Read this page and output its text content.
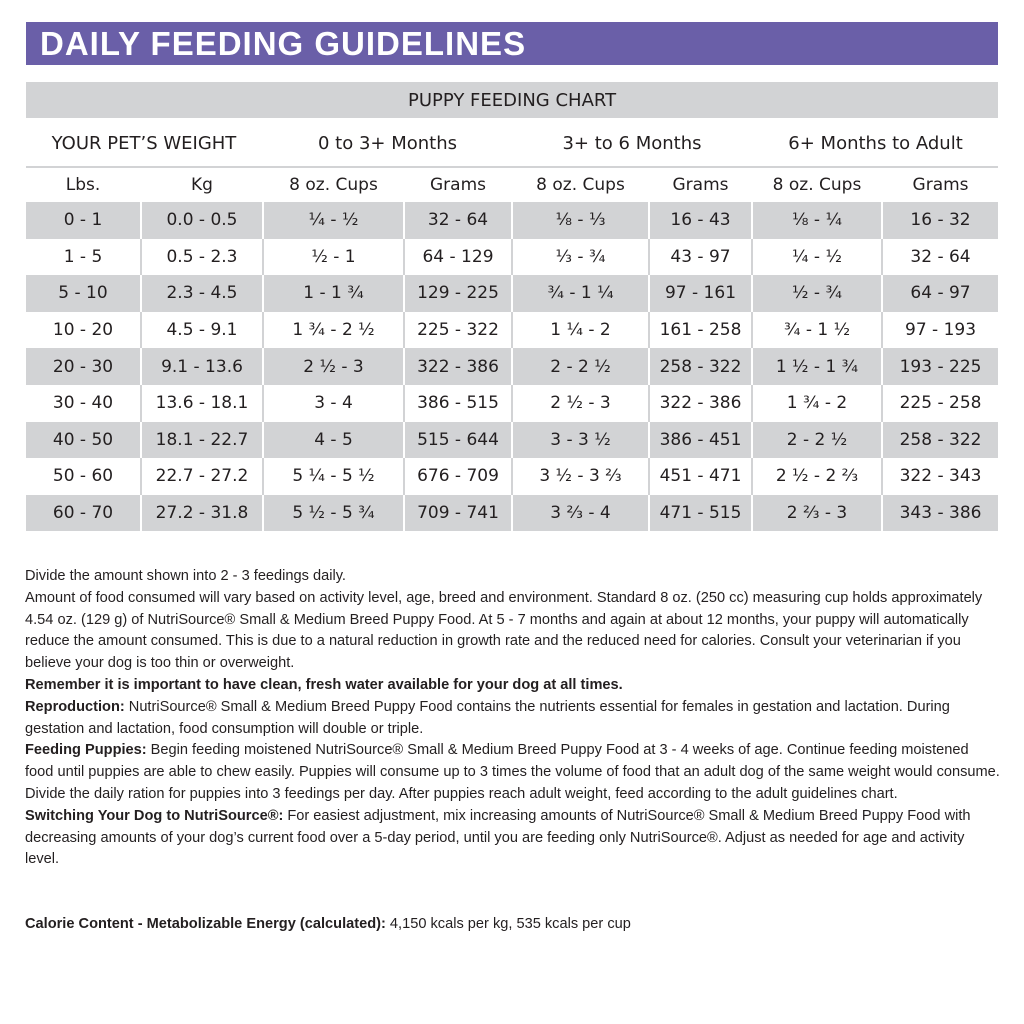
DAILY FEEDING GUIDELINES
PUPPY FEEDING CHART							
YOUR PET’S WEIGHT		0 to 3+ Months		3+ to 6 Months		6+ Months to Adult	
Lbs.	Kg	8 oz. Cups	Grams	8 oz. Cups	Grams	8 oz. Cups	Grams
0 - 1	0.0 - 0.5	¼ - ½	32 - 64	⅛ - ⅓	16 - 43	⅛ - ¼	16 - 32
1 - 5	0.5 - 2.3	½ - 1	64 - 129	⅓ - ¾	43 - 97	¼ - ½	32 - 64
5 - 10	2.3 - 4.5	1 - 1 ¾	129 - 225	¾ - 1 ¼	97 - 161	½ - ¾	64 - 97
10 - 20	4.5 - 9.1	1 ¾ - 2 ½	225 - 322	1 ¼ - 2	161 - 258	¾ - 1 ½	97 - 193
20 - 30	9.1 - 13.6	2 ½ - 3	322 - 386	2 - 2 ½	258 - 322	1 ½ - 1 ¾	193 - 225
30 - 40	13.6 - 18.1	3 - 4	386 - 515	2 ½ - 3	322 - 386	1 ¾ - 2	225 - 258
40 - 50	18.1 - 22.7	4 - 5	515 - 644	3 - 3 ½	386 - 451	2 - 2 ½	258 - 322
50 - 60	22.7 - 27.2	5 ¼ - 5 ½	676 - 709	3 ½ - 3 ⅔	451 - 471	2 ½ - 2 ⅔	322 - 343
60 - 70	27.2 - 31.8	5 ½ - 5 ¾	709 - 741	3 ⅔ - 4	471 - 515	2 ⅔ - 3	343 - 386

Divide the amount shown into 2 - 3 feedings daily.

Amount of food consumed will vary based on activity level, age, breed and environment. Standard 8 oz. (250 cc) measuring cup holds approximately 4.54 oz. (129 g) of NutriSource® Small & Medium Breed Puppy Food. At 5 - 7 months and again at about 12 months, your puppy will automatically reduce the amount consumed. This is due to a natural reduction in growth rate and the reduced need for calories. Consult your veterinarian if you believe your dog is too thin or overweight.

Remember it is important to have clean, fresh water available for your dog at all times.

Reproduction: NutriSource® Small & Medium Breed Puppy Food contains the nutrients essential for females in gestation and lactation. During gestation and lactation, food consumption will double or triple.

Feeding Puppies: Begin feeding moistened NutriSource® Small & Medium Breed Puppy Food at 3 - 4 weeks of age. Continue feeding moistened food until puppies are able to chew easily. Puppies will consume up to 3 times the volume of food that an adult dog of the same weight would consume. Divide the daily ration for puppies into 3 feedings per day. After puppies reach adult weight, feed according to the adult guidelines chart.

Switching Your Dog to NutriSource®: For easiest adjustment, mix increasing amounts of NutriSource® Small & Medium Breed Puppy Food with decreasing amounts of your dog’s current food over a 5-day period, until you are feeding only NutriSource®. Adjust as needed for age and activity level.

Calorie Content - Metabolizable Energy (calculated): 4,150 kcals per kg, 535 kcals per cup
